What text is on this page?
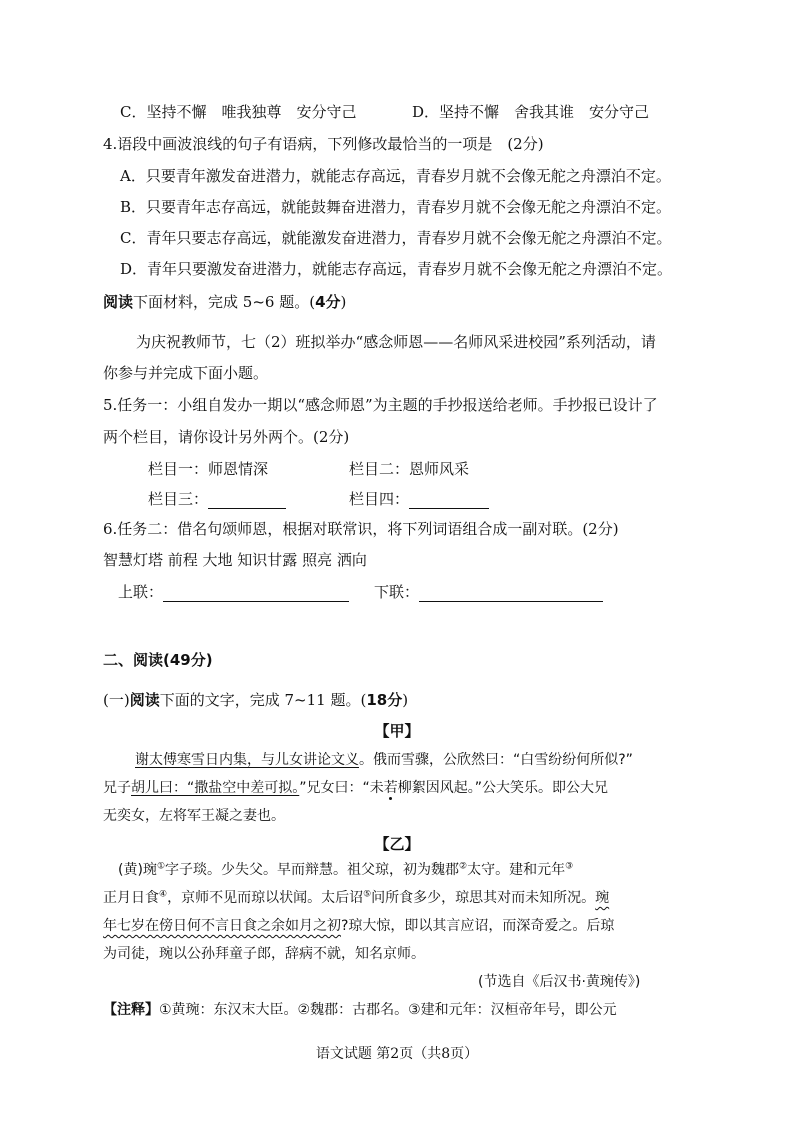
C．坚持不懈　唯我独尊　安分守己	D．坚持不懈　舍我其谁　安分守己
4.语段中画波浪线的句子有语病，下列修改最恰当的一项是　(2分)
A．只要青年激发奋进潜力，就能志存高远，青春岁月就不会像无舵之舟漂泊不定。
B．只要青年志存高远，就能鼓舞奋进潜力，青春岁月就不会像无舵之舟漂泊不定。
C．青年只要志存高远，就能激发奋进潜力，青春岁月就不会像无舵之舟漂泊不定。
D．青年只要激发奋进潜力，就能志存高远，青春岁月就不会像无舵之舟漂泊不定。
阅读下面材料，完成 5~6 题。(4分)
为庆祝教师节，七（2）班拟举办“感念师恩——名师风采进校园”系列活动，请
你参与并完成下面小题。
5.任务一：小组自发办一期以“感念师恩”为主题的手抄报送给老师。手抄报已设计了
两个栏目，请你设计另外两个。(2分)
栏目一：师恩情深	栏目二：恩师风采
栏目三：	栏目四：
6.任务二：借名句颂师恩，根据对联常识，将下列词语组合成一副对联。(2分)
智慧灯塔 前程 大地 知识甘露 照亮 洒向
上联：	下联：
二、阅读(49分)
(一)阅读下面的文字，完成 7~11 题。(18分)
【甲】
谢太傅寒雪日内集，与儿女讲论文义。俄而雪骤，公欣然曰：“白雪纷纷何所似?”
兄子胡儿曰：“撒盐空中差可拟。”兄女曰：“未若柳絮因风起。”公大笑乐。即公大兄
无奕女，左将军王凝之妻也。
【乙】
(黄)琬①字子琰。少失父。早而辩慧。祖父琼，初为魏郡②太守。建和元年③
正月日食④，京师不见而琼以状闻。太后诏⑤问所食多少，琼思其对而未知所况。琬
年七岁在傍日何不言日食之余如月之初?琼大惊，即以其言应诏，而深奇爱之。后琼
为司徒，琬以公孙拜童子郎，辞病不就，知名京师。
(节选自《后汉书·黄琬传》)
【注释】①黄琬：东汉末大臣。②魏郡：古郡名。③建和元年：汉桓帝年号，即公元
语文试题 第2页（共8页）
